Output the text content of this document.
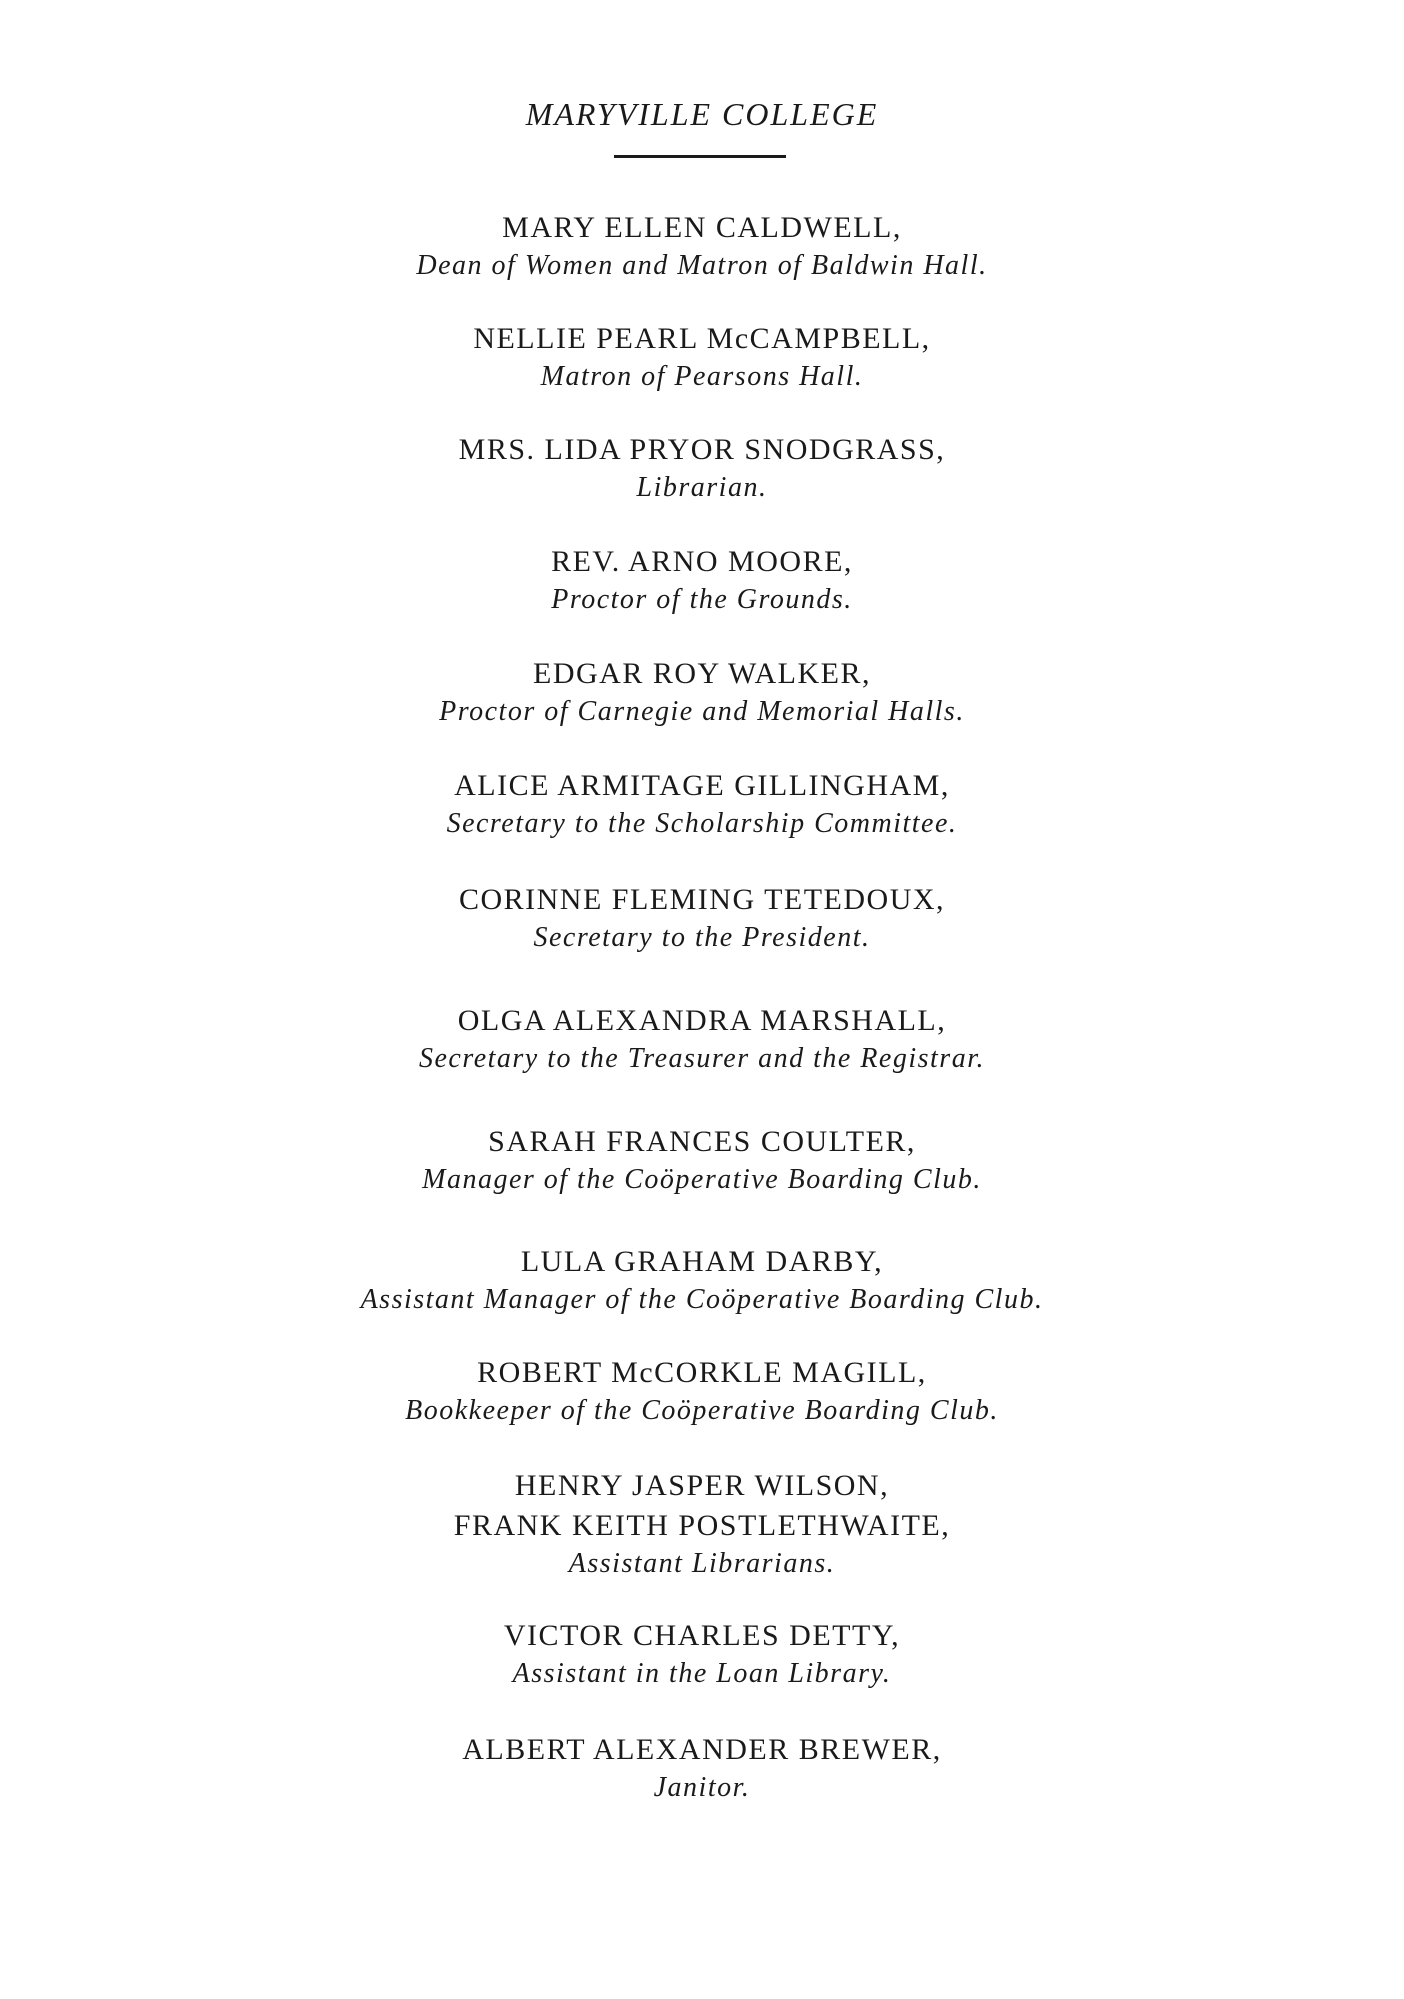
MARYVILLE COLLEGE
MARY ELLEN CALDWELL,
Dean of Women and Matron of Baldwin Hall.
NELLIE PEARL McCAMPBELL,
Matron of Pearsons Hall.
MRS. LIDA PRYOR SNODGRASS,
Librarian.
REV. ARNO MOORE,
Proctor of the Grounds.
EDGAR ROY WALKER,
Proctor of Carnegie and Memorial Halls.
ALICE ARMITAGE GILLINGHAM,
Secretary to the Scholarship Committee.
CORINNE FLEMING TETEDOUX,
Secretary to the President.
OLGA ALEXANDRA MARSHALL,
Secretary to the Treasurer and the Registrar.
SARAH FRANCES COULTER,
Manager of the Coöperative Boarding Club.
LULA GRAHAM DARBY,
Assistant Manager of the Coöperative Boarding Club.
ROBERT McCORKLE MAGILL,
Bookkeeper of the Coöperative Boarding Club.
HENRY JASPER WILSON,
FRANK KEITH POSTLETHWAITE,
Assistant Librarians.
VICTOR CHARLES DETTY,
Assistant in the Loan Library.
ALBERT ALEXANDER BREWER,
Janitor.
